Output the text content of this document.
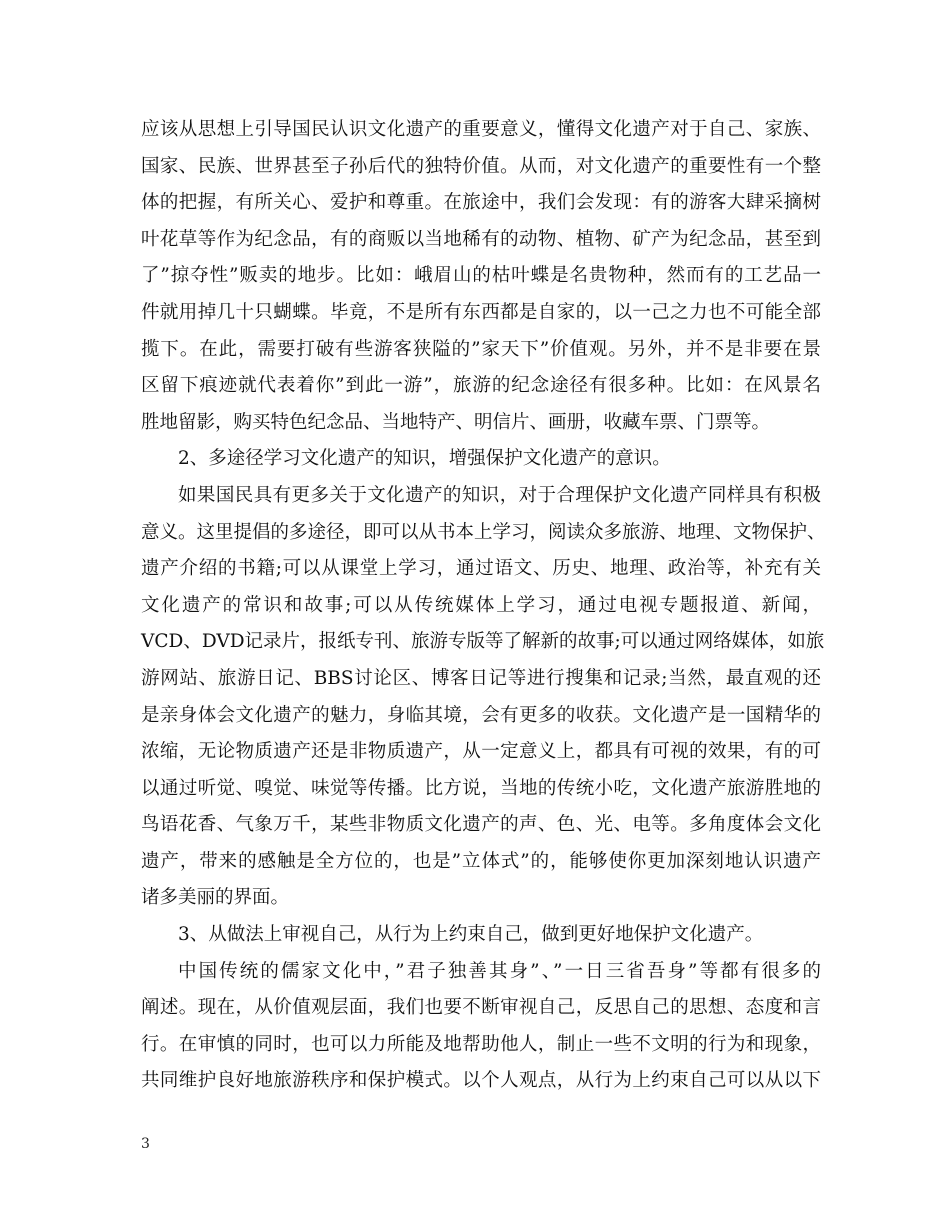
应该从思想上引导国民认识文化遗产的重要意义，懂得文化遗产对于自己、家族、
国家、民族、世界甚至子孙后代的独特价值。从而，对文化遗产的重要性有一个整
体的把握，有所关心、爱护和尊重。在旅途中，我们会发现：有的游客大肆采摘树
叶花草等作为纪念品，有的商贩以当地稀有的动物、植物、矿产为纪念品，甚至到
了”掠夺性”贩卖的地步。比如：峨眉山的枯叶蝶是名贵物种，然而有的工艺品一
件就用掉几十只蝴蝶。毕竟，不是所有东西都是自家的，以一己之力也不可能全部
揽下。在此，需要打破有些游客狭隘的”家天下”价值观。另外，并不是非要在景
区留下痕迹就代表着你”到此一游”，旅游的纪念途径有很多种。比如：在风景名
胜地留影，购买特色纪念品、当地特产、明信片、画册，收藏车票、门票等。
2、多途径学习文化遗产的知识，增强保护文化遗产的意识。
如果国民具有更多关于文化遗产的知识，对于合理保护文化遗产同样具有积极
意义。这里提倡的多途径，即可以从书本上学习，阅读众多旅游、地理、文物保护、
遗产介绍的书籍;可以从课堂上学习，通过语文、历史、地理、政治等，补充有关
文化遗产的常识和故事;可以从传统媒体上学习，通过电视专题报道、新闻，
VCD、DVD记录片，报纸专刊、旅游专版等了解新的故事;可以通过网络媒体，如旅
游网站、旅游日记、BBS讨论区、博客日记等进行搜集和记录;当然，最直观的还
是亲身体会文化遗产的魅力，身临其境，会有更多的收获。文化遗产是一国精华的
浓缩，无论物质遗产还是非物质遗产，从一定意义上，都具有可视的效果，有的可
以通过听觉、嗅觉、味觉等传播。比方说，当地的传统小吃，文化遗产旅游胜地的
鸟语花香、气象万千，某些非物质文化遗产的声、色、光、电等。多角度体会文化
遗产，带来的感触是全方位的，也是”立体式”的，能够使你更加深刻地认识遗产
诸多美丽的界面。
3、从做法上审视自己，从行为上约束自己，做到更好地保护文化遗产。
中国传统的儒家文化中，”君子独善其身”、”一日三省吾身”等都有很多的
阐述。现在，从价值观层面，我们也要不断审视自己，反思自己的思想、态度和言
行。在审慎的同时，也可以力所能及地帮助他人，制止一些不文明的行为和现象，
共同维护良好地旅游秩序和保护模式。以个人观点，从行为上约束自己可以从以下
3
